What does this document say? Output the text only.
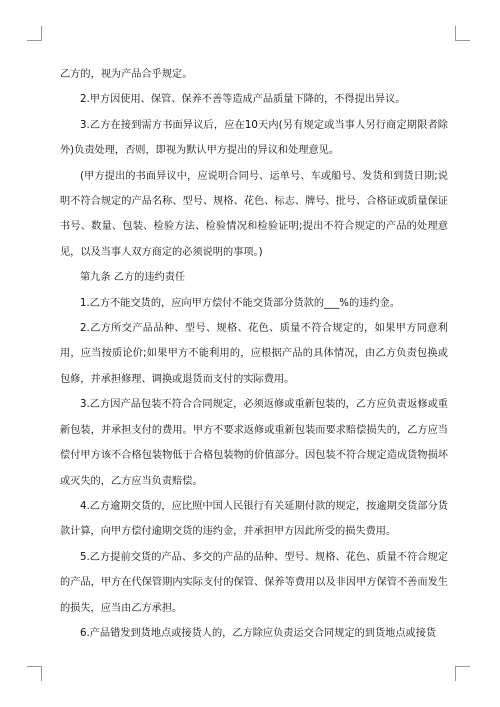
乙方的，视为产品合乎规定。

2.甲方因使用、保管、保养不善等造成产品质量下降的，不得提出异议。

3.乙方在接到需方书面异议后，应在10天内(另有规定或当事人另行商定期限者除外)负责处理，否则，即视为默认甲方提出的异议和处理意见。

(甲方提出的书面异议中，应说明合同号、运单号、车或船号、发货和到货日期;说明不符合规定的产品名称、型号、规格、花色、标志、牌号、批号、合格证或质量保证书号、数量、包装、检验方法、检验情况和检验证明;提出不符合规定的产品的处理意见，以及当事人双方商定的必须说明的事项。)

第九条 乙方的违约责任

1.乙方不能交货的，应向甲方偿付不能交货部分货款的___%的违约金。

2.乙方所交产品品种、型号、规格、花色、质量不符合规定的，如果甲方同意利用，应当按质论价;如果甲方不能利用的，应根据产品的具体情况，由乙方负责包换或包修，并承担修理、调换或退货而支付的实际费用。

3.乙方因产品包装不符合合同规定，必须返修或重新包装的，乙方应负责返修或重新包装，并承担支付的费用。甲方不要求返修或重新包装而要求赔偿损失的，乙方应当偿付甲方该不合格包装物低于合格包装物的价值部分。因包装不符合规定造成货物损坏或灭失的，乙方应当负责赔偿。

4.乙方逾期交货的，应比照中国人民银行有关延期付款的规定，按逾期交货部分货款计算，向甲方偿付逾期交货的违约金，并承担甲方因此所受的损失费用。

5.乙方提前交货的产品、多交的产品的品种、型号、规格、花色、质量不符合规定的产品，甲方在代保管期内实际支付的保管、保养等费用以及非因甲方保管不善而发生的损失，应当由乙方承担。

6.产品错发到货地点或接货人的，乙方除应负责运交合同规定的到货地点或接货
